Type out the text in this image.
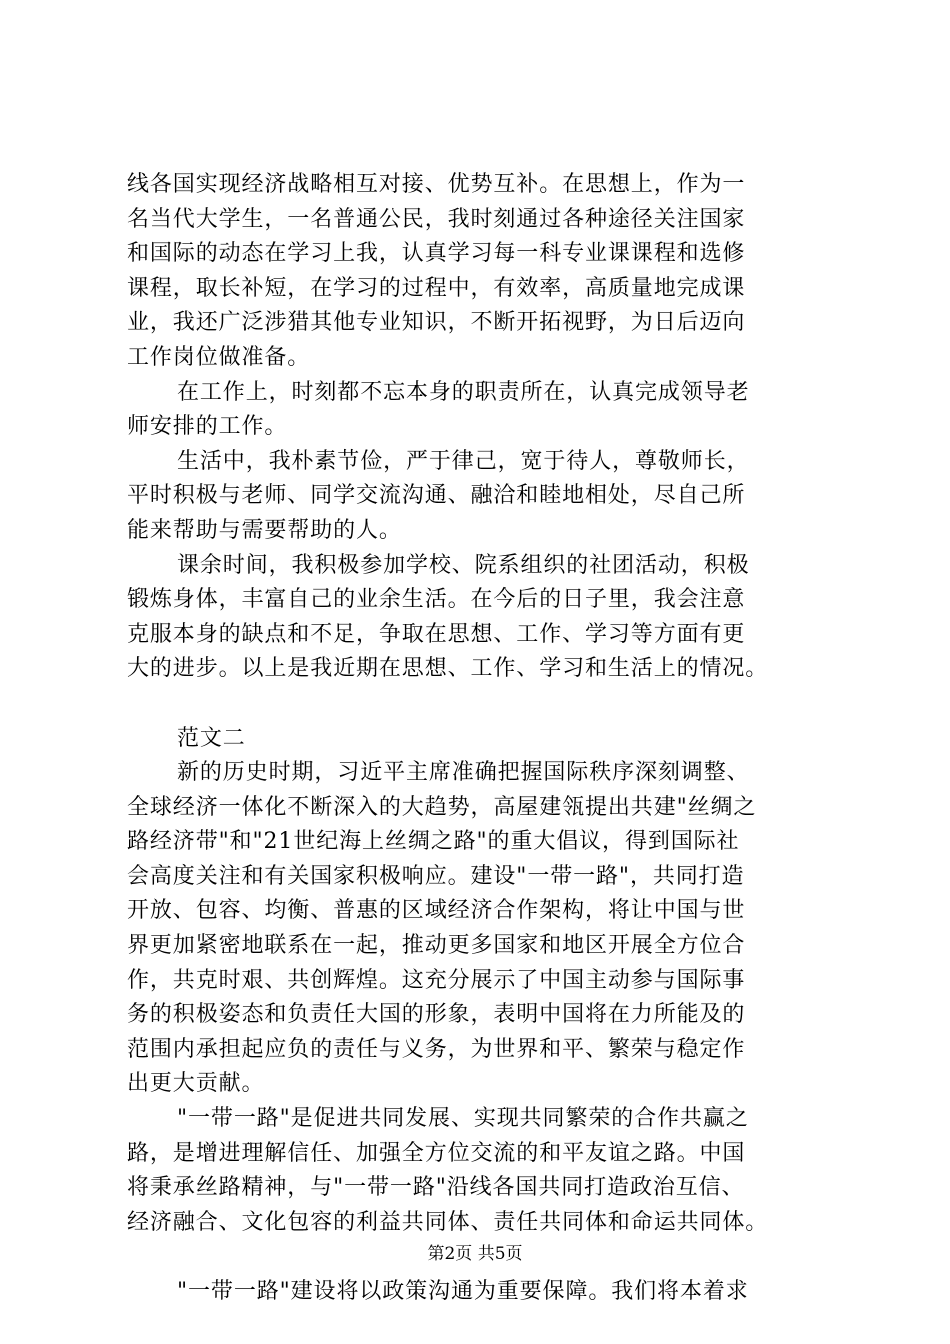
线各国实现经济战略相互对接、优势互补。在思想上，作为一
名当代大学生，一名普通公民，我时刻通过各种途径关注国家
和国际的动态在学习上我，认真学习每一科专业课课程和选修
课程，取长补短，在学习的过程中，有效率，高质量地完成课
业，我还广泛涉猎其他专业知识，不断开拓视野，为日后迈向
工作岗位做准备。
在工作上，时刻都不忘本身的职责所在，认真完成领导老
师安排的工作。
生活中，我朴素节俭，严于律己，宽于待人，尊敬师长，
平时积极与老师、同学交流沟通、融洽和睦地相处，尽自己所
能来帮助与需要帮助的人。
课余时间，我积极参加学校、院系组织的社团活动，积极
锻炼身体，丰富自己的业余生活。在今后的日子里，我会注意
克服本身的缺点和不足，争取在思想、工作、学习等方面有更
大的进步。以上是我近期在思想、工作、学习和生活上的情况。
范文二
新的历史时期，习近平主席准确把握国际秩序深刻调整、
全球经济一体化不断深入的大趋势，高屋建瓴提出共建"丝绸之
路经济带"和"21世纪海上丝绸之路"的重大倡议，得到国际社
会高度关注和有关国家积极响应。建设"一带一路"，共同打造
开放、包容、均衡、普惠的区域经济合作架构，将让中国与世
界更加紧密地联系在一起，推动更多国家和地区开展全方位合
作，共克时艰、共创辉煌。这充分展示了中国主动参与国际事
务的积极姿态和负责任大国的形象，表明中国将在力所能及的
范围内承担起应负的责任与义务，为世界和平、繁荣与稳定作
出更大贡献。
"一带一路"是促进共同发展、实现共同繁荣的合作共赢之
路，是增进理解信任、加强全方位交流的和平友谊之路。中国
将秉承丝路精神，与"一带一路"沿线各国共同打造政治互信、
经济融合、文化包容的利益共同体、责任共同体和命运共同体。
"一带一路"建设将以政策沟通为重要保障。我们将本着求
第2页 共5页
